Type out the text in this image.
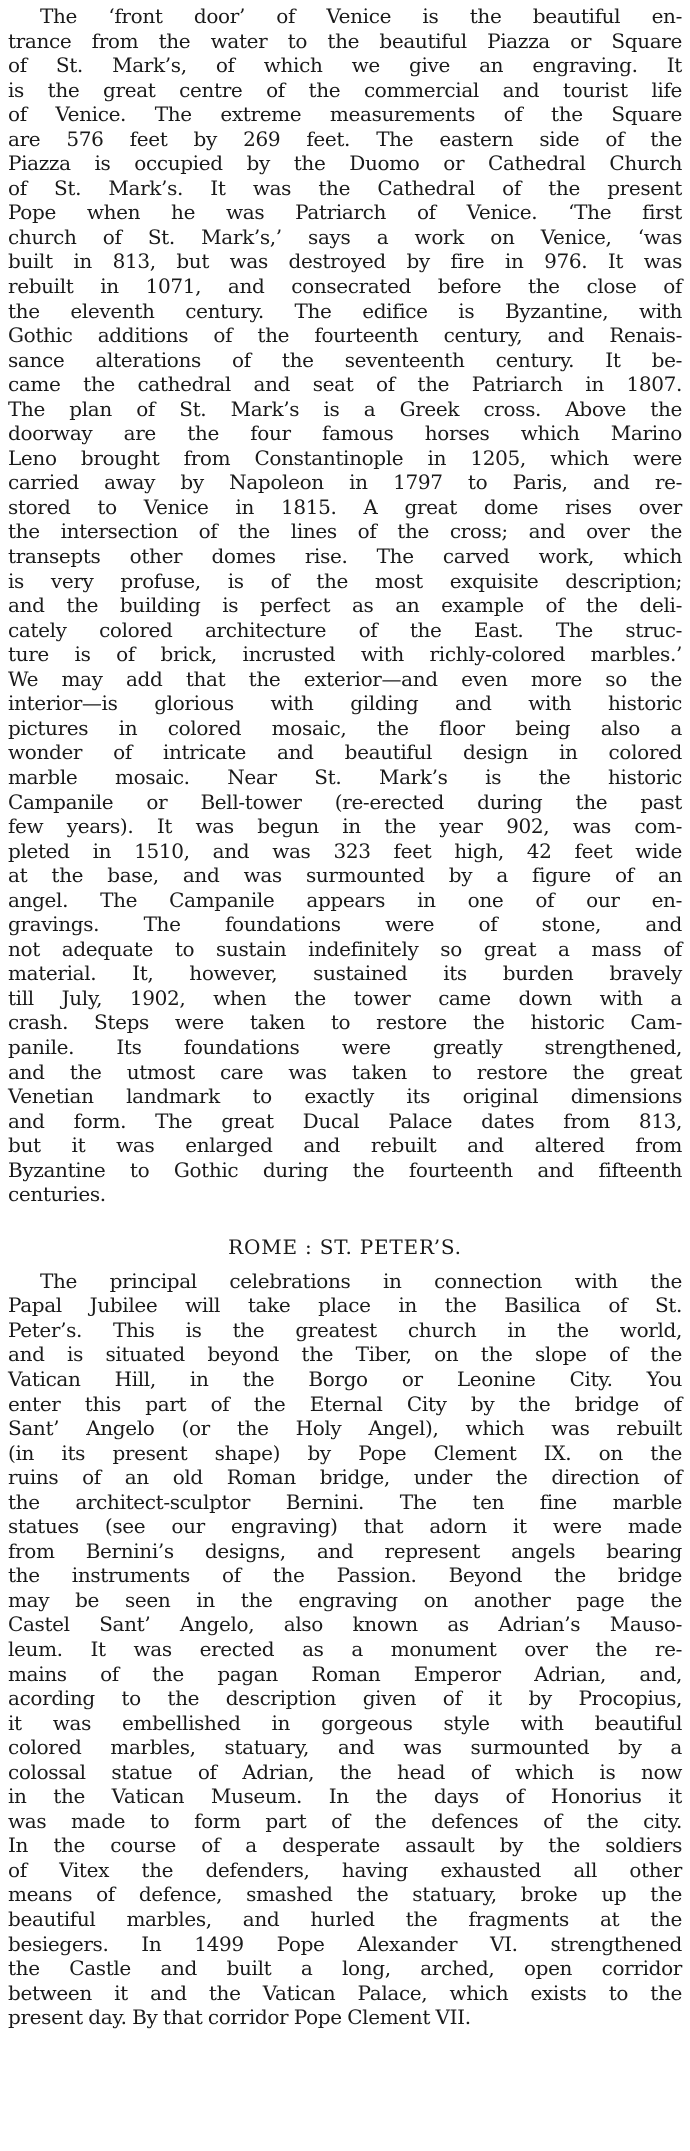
The ‘front door’ of Venice is the beautiful en-
trance from the water to the beautiful Piazza or Square
of St. Mark’s, of which we give an engraving. It
is the great centre of the commercial and tourist life
of Venice. The extreme measurements of the Square
are 576 feet by 269 feet. The eastern side of the
Piazza is occupied by the Duomo or Cathedral Church
of St. Mark’s. It was the Cathedral of the present
Pope when he was Patriarch of Venice. ‘The first
church of St. Mark’s,’ says a work on Venice, ‘was
built in 813, but was destroyed by fire in 976. It was
rebuilt in 1071, and consecrated before the close of
the eleventh century. The edifice is Byzantine, with
Gothic additions of the fourteenth century, and Renais-
sance alterations of the seventeenth century. It be-
came the cathedral and seat of the Patriarch in 1807.
The plan of St. Mark’s is a Greek cross. Above the
doorway are the four famous horses which Marino
Leno brought from Constantinople in 1205, which were
carried away by Napoleon in 1797 to Paris, and re-
stored to Venice in 1815. A great dome rises over
the intersection of the lines of the cross; and over the
transepts other domes rise. The carved work, which
is very profuse, is of the most exquisite description;
and the building is perfect as an example of the deli-
cately colored architecture of the East. The struc-
ture is of brick, incrusted with richly-colored marbles.’
We may add that the exterior—and even more so the
interior—is glorious with gilding and with historic
pictures in colored mosaic, the floor being also a
wonder of intricate and beautiful design in colored
marble mosaic. Near St. Mark’s is the historic
Campanile or Bell-tower (re-erected during the past
few years). It was begun in the year 902, was com-
pleted in 1510, and was 323 feet high, 42 feet wide
at the base, and was surmounted by a figure of an
angel. The Campanile appears in one of our en-
gravings. The foundations were of stone, and
not adequate to sustain indefinitely so great a mass of
material. It, however, sustained its burden bravely
till July, 1902, when the tower came down with a
crash. Steps were taken to restore the historic Cam-
panile. Its foundations were greatly strengthened,
and the utmost care was taken to restore the great
Venetian landmark to exactly its original dimensions
and form. The great Ducal Palace dates from 813,
but it was enlarged and rebuilt and altered from
Byzantine to Gothic during the fourteenth and fifteenth
centuries.

ROME : ST. PETER’S.

The principal celebrations in connection with the
Papal Jubilee will take place in the Basilica of St.
Peter’s. This is the greatest church in the world,
and is situated beyond the Tiber, on the slope of the
Vatican Hill, in the Borgo or Leonine City. You
enter this part of the Eternal City by the bridge of
Sant’ Angelo (or the Holy Angel), which was rebuilt
(in its present shape) by Pope Clement IX. on the
ruins of an old Roman bridge, under the direction of
the architect-sculptor Bernini. The ten fine marble
statues (see our engraving) that adorn it were made
from Bernini’s designs, and represent angels bearing
the instruments of the Passion. Beyond the bridge
may be seen in the engraving on another page the
Castel Sant’ Angelo, also known as Adrian’s Mauso-
leum. It was erected as a monument over the re-
mains of the pagan Roman Emperor Adrian, and,
acording to the description given of it by Procopius,
it was embellished in gorgeous style with beautiful
colored marbles, statuary, and was surmounted by a
colossal statue of Adrian, the head of which is now
in the Vatican Museum. In the days of Honorius it
was made to form part of the defences of the city.
In the course of a desperate assault by the soldiers
of Vitex the defenders, having exhausted all other
means of defence, smashed the statuary, broke up the
beautiful marbles, and hurled the fragments at the
besiegers. In 1499 Pope Alexander VI. strengthened
the Castle and built a long, arched, open corridor
between it and the Vatican Palace, which exists to the
present day. By that corridor Pope Clement VII.
